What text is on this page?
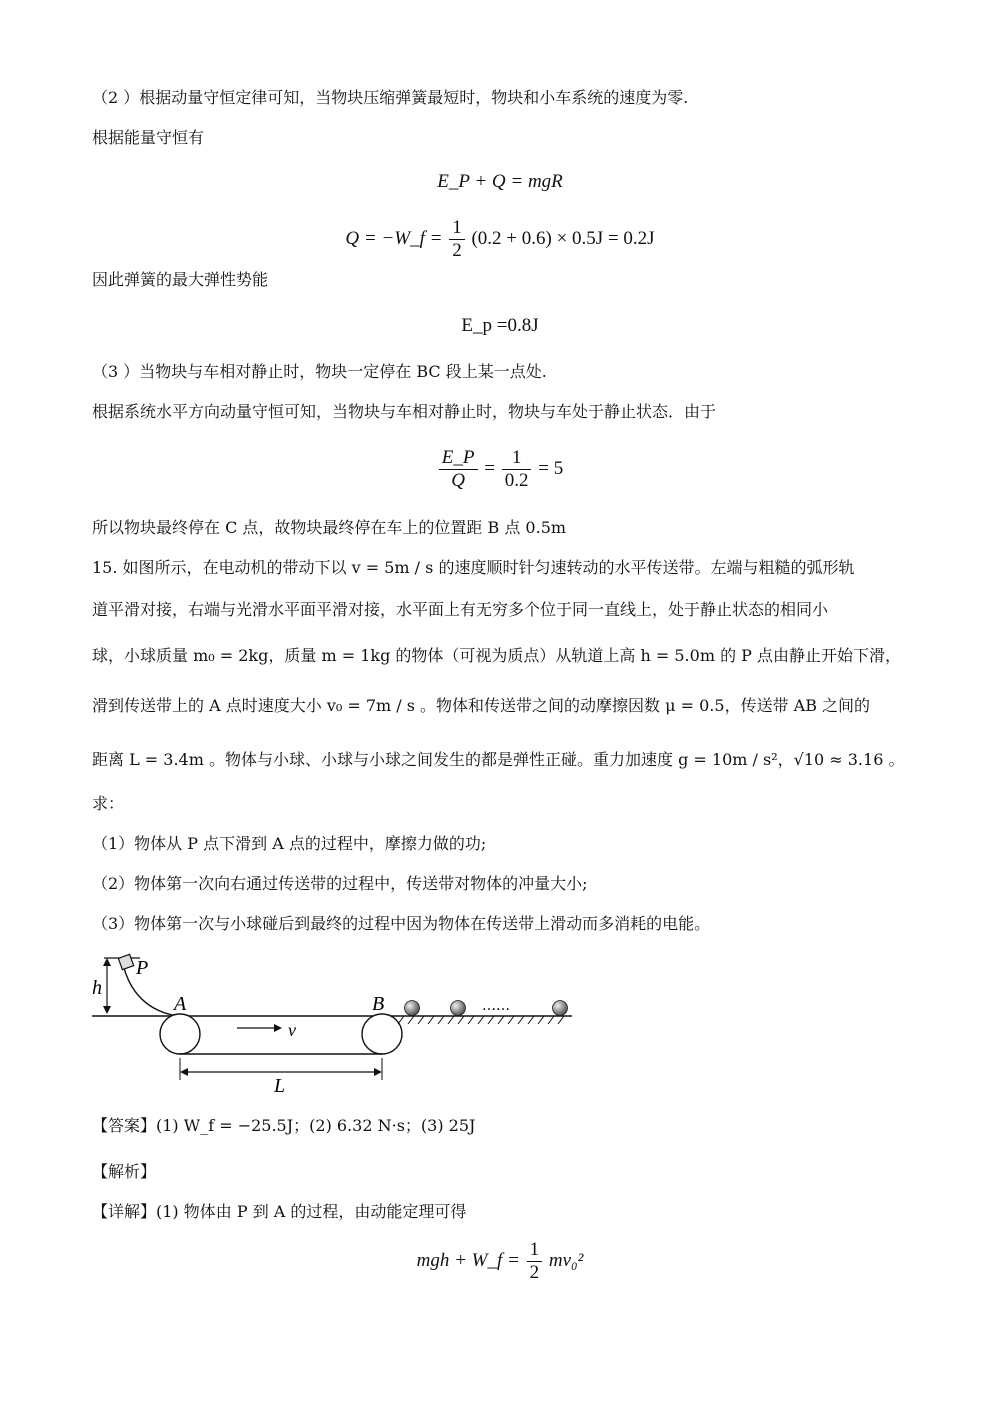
（2 ）根据动量守恒定律可知，当物块压缩弹簧最短时，物块和小车系统的速度为零.
根据能量守恒有
E_P + Q = mgR
Q = −W_f = $\frac{1}{2} (0.2 + 0.6) \times 0.5J = 0.2J$
因此弹簧的最大弹性势能
E_p =0.8J
（3 ）当物块与车相对静止时，物块一定停在 BC 段上某一点处.
根据系统水平方向动量守恒可知，当物块与车相对静止时，物块与车处于静止状态．由于
$\frac{E\_P}{Q} = \frac{1}{0.2} = 5$
所以物块最终停在 C 点，故物块最终停在车上的位置距 B 点 0.5m
15. 如图所示，在电动机的带动下以 v = 5m / s 的速度顺时针匀速转动的水平传送带。左端与粗糙的弧形轨
道平滑对接，右端与光滑水平面平滑对接，水平面上有无穷多个位于同一直线上，处于静止状态的相同小
球，小球质量 m₀ = 2kg，质量 m = 1kg 的物体（可视为质点）从轨道上高 h = 5.0m 的 P 点由静止开始下滑，
滑到传送带上的 A 点时速度大小 v₀ = 7m / s 。物体和传送带之间的动摩擦因数 μ = 0.5，传送带 AB 之间的
距离 L = 3.4m 。物体与小球、小球与小球之间发生的都是弹性正碰。重力加速度 g = 10m / s²，√10 ≈ 3.16 。
求：
（1）物体从 P 点下滑到 A 点的过程中，摩擦力做的功;
（2）物体第一次向右通过传送带的过程中，传送带对物体的冲量大小;
（3）物体第一次与小球碰后到最终的过程中因为物体在传送带上滑动而多消耗的电能。
h
P
A	B
v
L
……
【答案】(1) W_f = −25.5J；(2) 6.32 N·s；(3) 25J
【解析】
【详解】(1) 物体由 P 到 A 的过程，由动能定理可得
mgh + W_f = $\frac{1}{2} mv_0^2$
